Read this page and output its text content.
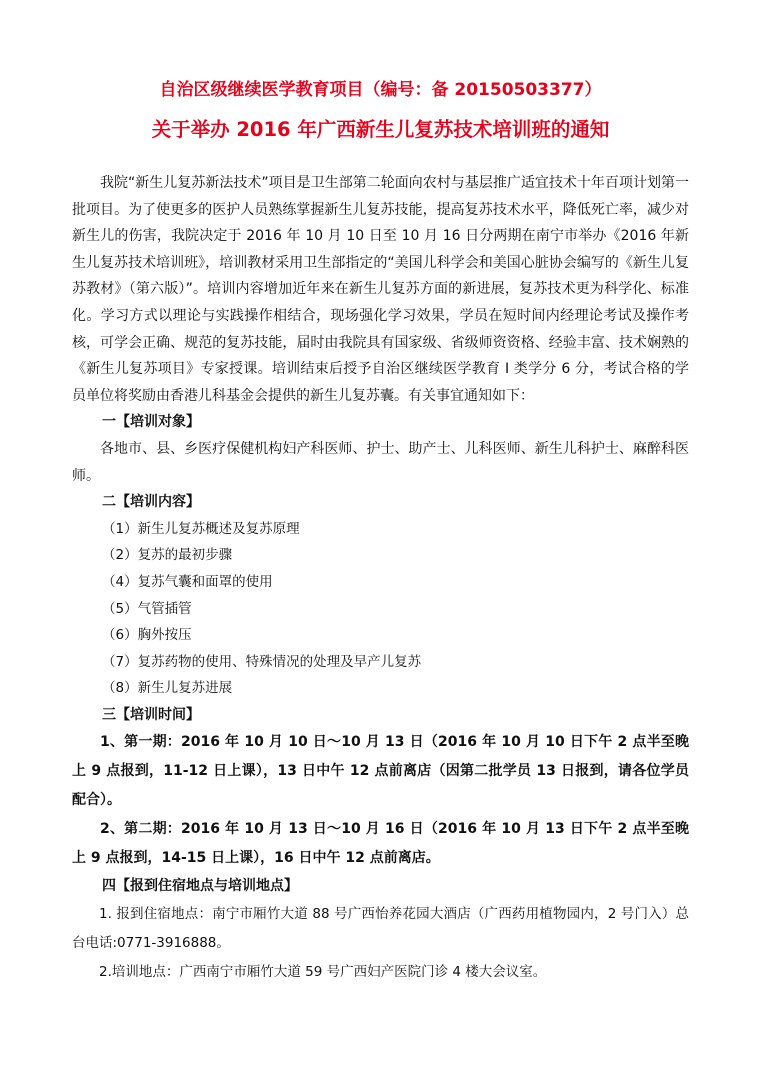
自治区级继续医学教育项目（编号：备 20150503377）
关于举办 2016 年广西新生儿复苏技术培训班的通知

我院“新生儿复苏新法技术”项目是卫生部第二轮面向农村与基层推广适宜技术十年百项计划第一批项目。为了使更多的医护人员熟练掌握新生儿复苏技能，提高复苏技术水平，降低死亡率，减少对新生儿的伤害，我院决定于 2016 年 10 月 10 日至 10 月 16 日分两期在南宁市举办《2016 年新生儿复苏技术培训班》，培训教材采用卫生部指定的“美国儿科学会和美国心脏协会编写的《新生儿复苏教材》（第六版）”。培训内容增加近年来在新生儿复苏方面的新进展，复苏技术更为科学化、标准化。学习方式以理论与实践操作相结合，现场强化学习效果，学员在短时间内经理论考试及操作考核，可学会正确、规范的复苏技能，届时由我院具有国家级、省级师资资格、经验丰富、技术娴熟的《新生儿复苏项目》专家授课。培训结束后授予自治区继续医学教育 I 类学分 6 分，考试合格的学员单位将奖励由香港儿科基金会提供的新生儿复苏囊。有关事宜通知如下：

一【培训对象】

各地市、县、乡医疗保健机构妇产科医师、护士、助产士、儿科医师、新生儿科护士、麻醉科医师。

二【培训内容】
（1）新生儿复苏概述及复苏原理
（2）复苏的最初步骤
（4）复苏气囊和面罩的使用
（5）气管插管
（6）胸外按压
（7）复苏药物的使用、特殊情况的处理及早产儿复苏
（8）新生儿复苏进展
三【培训时间】

1、第一期：2016 年 10 月 10 日～10 月 13 日（2016 年 10 月 10 日下午 2 点半至晚上 9 点报到，11-12 日上课），13 日中午 12 点前离店（因第二批学员 13 日报到，请各位学员配合）。

2、第二期：2016 年 10 月 13 日～10 月 16 日（2016 年 10 月 13 日下午 2 点半至晚上 9 点报到，14-15 日上课），16 日中午 12 点前离店。

四【报到住宿地点与培训地点】

1. 报到住宿地点：南宁市厢竹大道 88 号广西怡养花园大酒店（广西药用植物园内，2 号门入）总台电话:0771-3916888。

2.培训地点：广西南宁市厢竹大道 59 号广西妇产医院门诊 4 楼大会议室。
